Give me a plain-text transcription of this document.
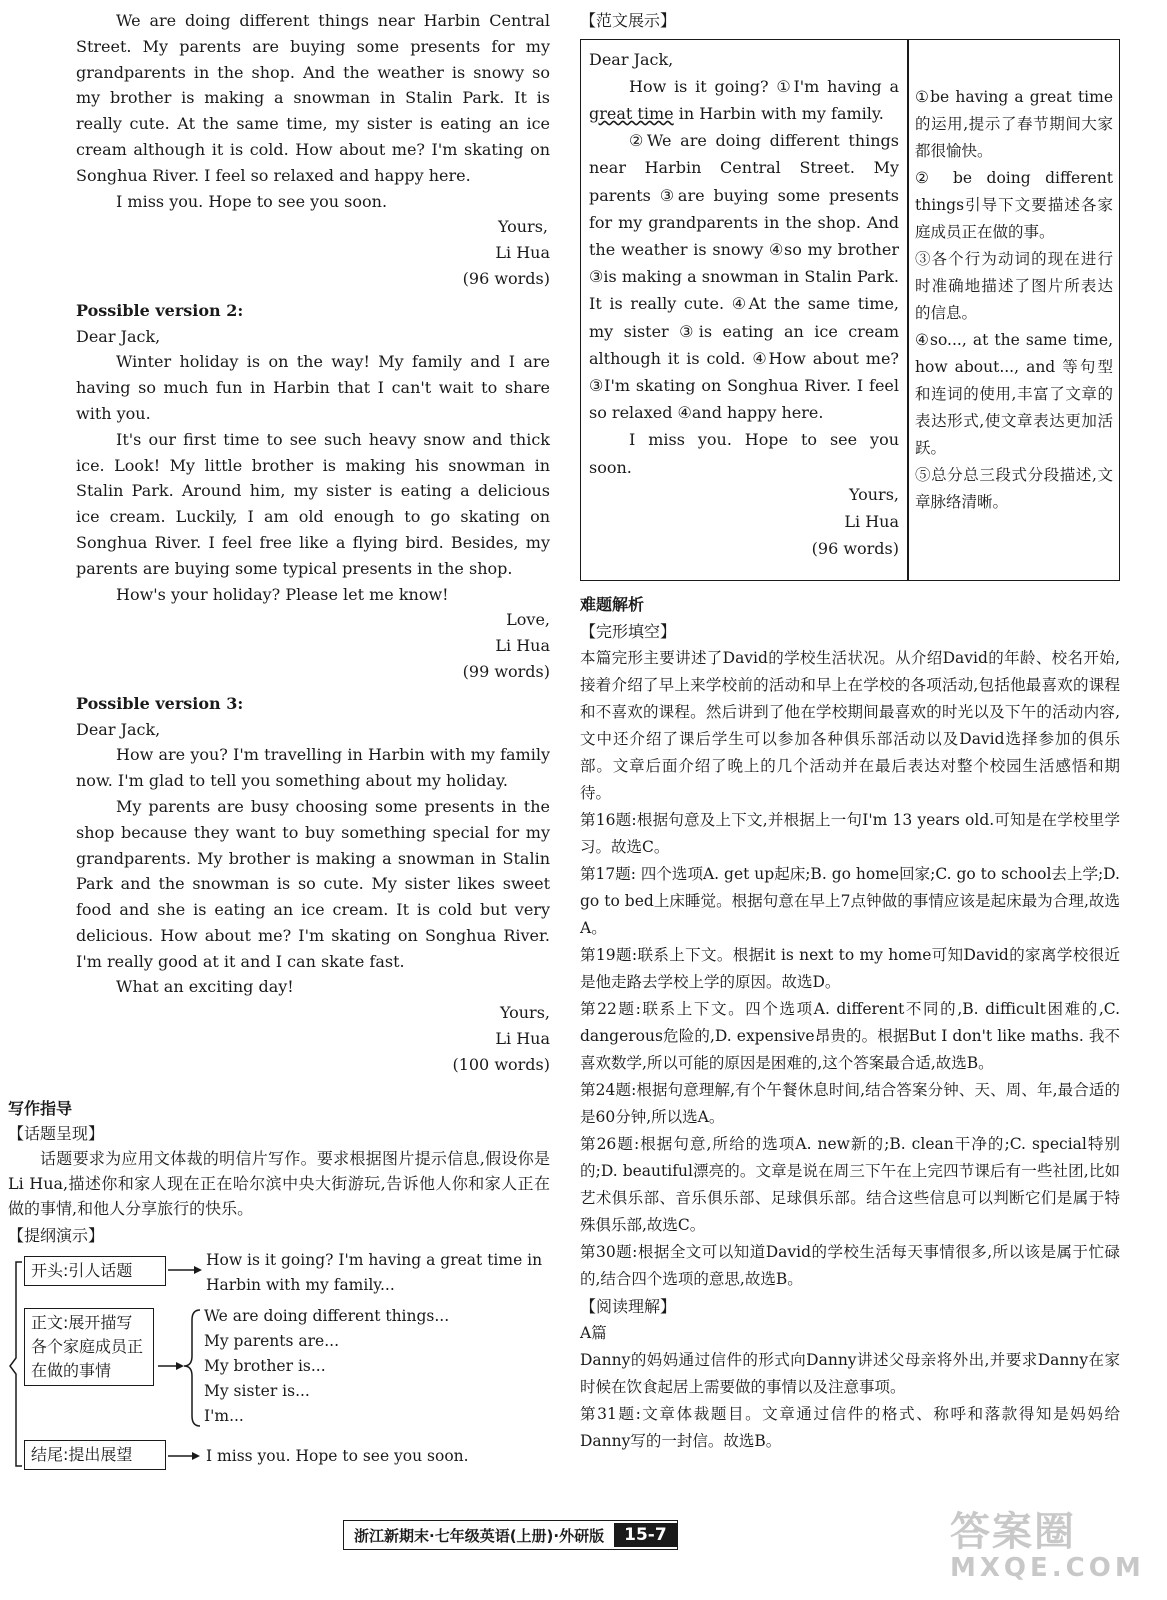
We are doing different things near Harbin Central Street. My parents are buying some presents for my grandparents in the shop. And the weather is snowy so my brother is making a snowman in Stalin Park. It is really cute. At the same time, my sister is eating an ice cream although it is cold. How about me? I'm skating on Songhua River. I feel so relaxed and happy here.

I miss you. Hope to see you soon.

Yours,

Li Hua

(96 words)

Possible version 2:

Dear Jack,

Winter holiday is on the way! My family and I are having so much fun in Harbin that I can't wait to share with you.

It's our first time to see such heavy snow and thick ice. Look! My little brother is making his snowman in Stalin Park. Around him, my sister is eating a delicious ice cream. Luckily, I am old enough to go skating on Songhua River. I feel free like a flying bird. Besides, my parents are buying some typical presents in the shop.

How's your holiday? Please let me know!

Love,

Li Hua

(99 words)

Possible version 3:

Dear Jack,

How are you? I'm travelling in Harbin with my family now. I'm glad to tell you something about my holiday.

My parents are busy choosing some presents in the shop because they want to buy something special for my grandparents. My brother is making a snowman in Stalin Park and the snowman is so cute. My sister likes sweet food and she is eating an ice cream. It is cold but very delicious. How about me? I'm skating on Songhua River. I'm really good at it and I can skate fast.

What an exciting day!

Yours,

Li Hua

(100 words)

写作指导

【话题呈现】

话题要求为应用文体裁的明信片写作。要求根据图片提示信息,假设你是Li Hua,描述你和家人现在正在哈尔滨中央大街游玩,告诉他人你和家人正在做的事情,和他人分享旅行的快乐。

【提纲演示】

开头:引人话题
正文:展开描写各个家庭成员正在做的事情
结尾:提出展望
How is it going? I'm having a great time in Harbin with my family...
We are doing different things...
My parents are...
My brother is...
My sister is...
I'm...
I miss you. Hope to see you soon.

【范文展示】

Dear Jack,

How is it going? ①I'm having a great time in Harbin with my family.

②We are doing different things near Harbin Central Street. My parents ③are buying some presents for my grandparents in the shop. And the weather is snowy ④so my brother ③is making a snowman in Stalin Park. It is really cute. ④At the same time, my sister ③is eating an ice cream although it is cold. ④How about me? ③I'm skating on Songhua River. I feel so relaxed ④and happy here.

I miss you. Hope to see you soon.

Yours,

Li Hua

(96 words)

①be having a great time的运用,提示了春节期间大家都很愉快。

② be doing different things引导下文要描述各家庭成员正在做的事。

③各个行为动词的现在进行时准确地描述了图片所表达的信息。

④so..., at the same time, how about..., and 等句型和连词的使用,丰富了文章的表达形式,使文章表达更加活跃。

⑤总分总三段式分段描述,文章脉络清晰。

难题解析

【完形填空】

本篇完形主要讲述了David的学校生活状况。从介绍David的年龄、校名开始,接着介绍了早上来学校前的活动和早上在学校的各项活动,包括他最喜欢的课程和不喜欢的课程。然后讲到了他在学校期间最喜欢的时光以及下午的活动内容,文中还介绍了课后学生可以参加各种俱乐部活动以及David选择参加的俱乐部。文章后面介绍了晚上的几个活动并在最后表达对整个校园生活感悟和期待。

第16题:根据句意及上下文,并根据上一句I'm 13 years old.可知是在学校里学习。故选C。

第17题: 四个选项A. get up起床;B. go home回家;C. go to school去上学;D. go to bed上床睡觉。根据句意在早上7点钟做的事情应该是起床最为合理,故选A。

第19题:联系上下文。根据it is next to my home可知David的家离学校很近是他走路去学校上学的原因。故选D。

第22题:联系上下文。四个选项A. different不同的,B. difficult困难的,C. dangerous危险的,D. expensive昂贵的。根据But I don't like maths. 我不喜欢数学,所以可能的原因是困难的,这个答案最合适,故选B。

第24题:根据句意理解,有个午餐休息时间,结合答案分钟、天、周、年,最合适的是60分钟,所以选A。

第26题:根据句意,所给的选项A. new新的;B. clean干净的;C. special特别的;D. beautiful漂亮的。文章是说在周三下午在上完四节课后有一些社团,比如艺术俱乐部、音乐俱乐部、足球俱乐部。结合这些信息可以判断它们是属于特殊俱乐部,故选C。

第30题:根据全文可以知道David的学校生活每天事情很多,所以该是属于忙碌的,结合四个选项的意思,故选B。

【阅读理解】

A篇

Danny的妈妈通过信件的形式向Danny讲述父母亲将外出,并要求Danny在家时候在饮食起居上需要做的事情以及注意事项。

第31题:文章体裁题目。文章通过信件的格式、称呼和落款得知是妈妈给Danny写的一封信。故选B。

浙江新期末·七年级英语(上册)·外研版	15-7	答案圈
MXQE.COM
